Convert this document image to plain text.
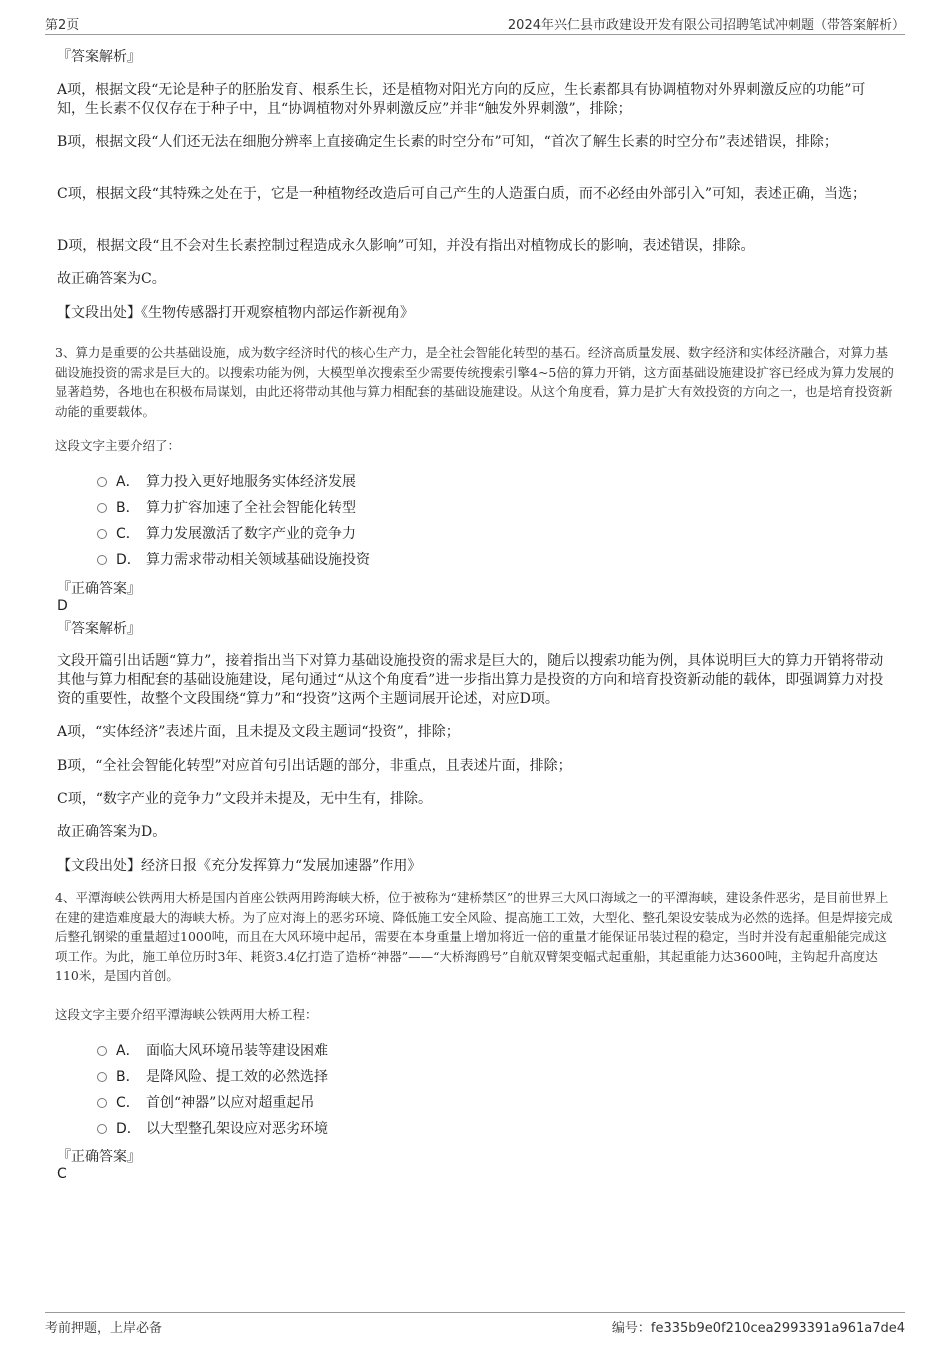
第2页	2024年兴仁县市政建设开发有限公司招聘笔试冲刺题（带答案解析）
『答案解析』
A项，根据文段“无论是种子的胚胎发育、根系生长，还是植物对阳光方向的反应，生长素都具有协调植物对外界刺激反应的功能”可知，生长素不仅仅存在于种子中，且“协调植物对外界刺激反应”并非“触发外界刺激”，排除；
B项，根据文段“人们还无法在细胞分辨率上直接确定生长素的时空分布”可知，“首次了解生长素的时空分布”表述错误，排除；
C项，根据文段“其特殊之处在于，它是一种植物经改造后可自己产生的人造蛋白质，而不必经由外部引入”可知，表述正确，当选；
D项，根据文段“且不会对生长素控制过程造成永久影响”可知，并没有指出对植物成长的影响，表述错误，排除。
故正确答案为C。
【文段出处】《生物传感器打开观察植物内部运作新视角》
3、算力是重要的公共基础设施，成为数字经济时代的核心生产力，是全社会智能化转型的基石。经济高质量发展、数字经济和实体经济融合，对算力基础设施投资的需求是巨大的。以搜索功能为例，大模型单次搜索至少需要传统搜索引擎4~5倍的算力开销，这方面基础设施建设扩容已经成为算力发展的显著趋势，各地也在积极布局谋划，由此还将带动其他与算力相配套的基础设施建设。从这个角度看，算力是扩大有效投资的方向之一，也是培育投资新动能的重要载体。
这段文字主要介绍了：
A． 算力投入更好地服务实体经济发展
B． 算力扩容加速了全社会智能化转型
C． 算力发展激活了数字产业的竞争力
D． 算力需求带动相关领域基础设施投资
『正确答案』
D
『答案解析』
文段开篇引出话题“算力”，接着指出当下对算力基础设施投资的需求是巨大的，随后以搜索功能为例，具体说明巨大的算力开销将带动其他与算力相配套的基础设施建设，尾句通过“从这个角度看”进一步指出算力是投资的方向和培育投资新动能的载体，即强调算力对投资的重要性，故整个文段围绕“算力”和“投资”这两个主题词展开论述，对应D项。
A项，“实体经济”表述片面，且未提及文段主题词“投资”，排除；
B项，“全社会智能化转型”对应首句引出话题的部分，非重点，且表述片面，排除；
C项，“数字产业的竞争力”文段并未提及，无中生有，排除。
故正确答案为D。
【文段出处】经济日报《充分发挥算力“发展加速器”作用》
4、平潭海峡公铁两用大桥是国内首座公铁两用跨海峡大桥，位于被称为“建桥禁区”的世界三大风口海域之一的平潭海峡，建设条件恶劣，是目前世界上在建的建造难度最大的海峡大桥。为了应对海上的恶劣环境、降低施工安全风险、提高施工工效，大型化、整孔架设安装成为必然的选择。但是焊接完成后整孔钢梁的重量超过1000吨，而且在大风环境中起吊，需要在本身重量上增加将近一倍的重量才能保证吊装过程的稳定，当时并没有起重船能完成这项工作。为此，施工单位历时3年、耗资3.4亿打造了造桥“神器”——“大桥海鸥号”自航双臂架变幅式起重船，其起重能力达3600吨，主钩起升高度达110米，是国内首创。
这段文字主要介绍平潭海峡公铁两用大桥工程：
A． 面临大风环境吊装等建设困难
B． 是降风险、提工效的必然选择
C． 首创“神器”以应对超重起吊
D． 以大型整孔架设应对恶劣环境
『正确答案』
C
考前押题，上岸必备	编号：fe335b9e0f210cea2993391a961a7de4
